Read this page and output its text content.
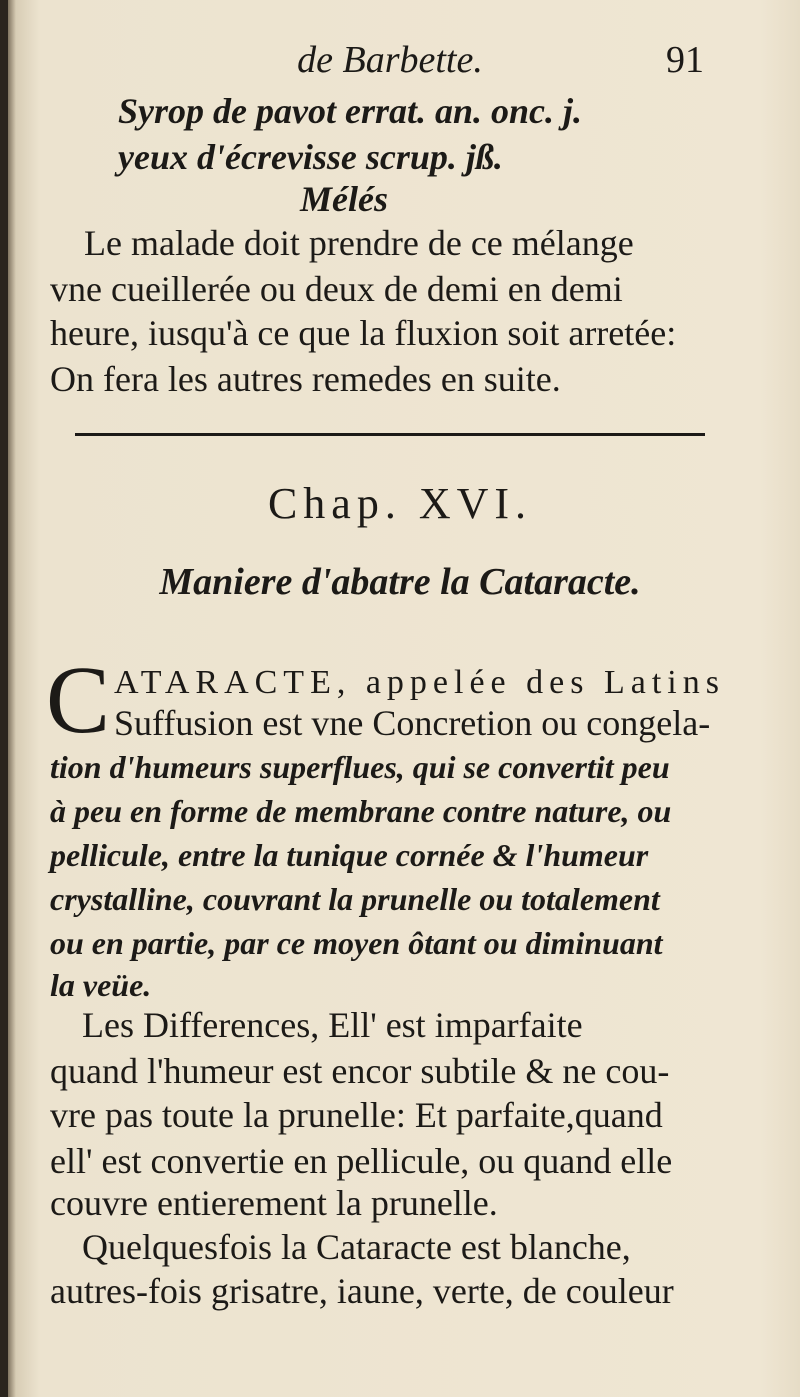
de Barbette.	91
Syrop de pavot errat. an. onc. j.
yeux d'écrevisse scrup. jß.
Mélés
Le malade doit prendre de ce mélange
vne cueillerée ou deux de demi en demi
heure, iusqu'à ce que la fluxion soit arretée:
On fera les autres remedes en suite.
Chap. XVI.
Maniere d'abatre la Cataracte.
C ATARACTE, appelée des Latins
Suffusion est vne Concretion ou congela-
tion d'humeurs superflues, qui se convertit peu
à peu en forme de membrane contre nature, ou
pellicule, entre la tunique cornée & l'humeur
crystalline, couvrant la prunelle ou totalement
ou en partie, par ce moyen ôtant ou diminuant
la veüe.
Les Differences, Ell' est imparfaite
quand l'humeur est encor subtile & ne cou-
vre pas toute la prunelle: Et parfaite,quand
ell' est convertie en pellicule, ou quand elle
couvre entierement la prunelle.
Quelquesfois la Cataracte est blanche,
autres-fois grisatre, iaune, verte, de couleur
